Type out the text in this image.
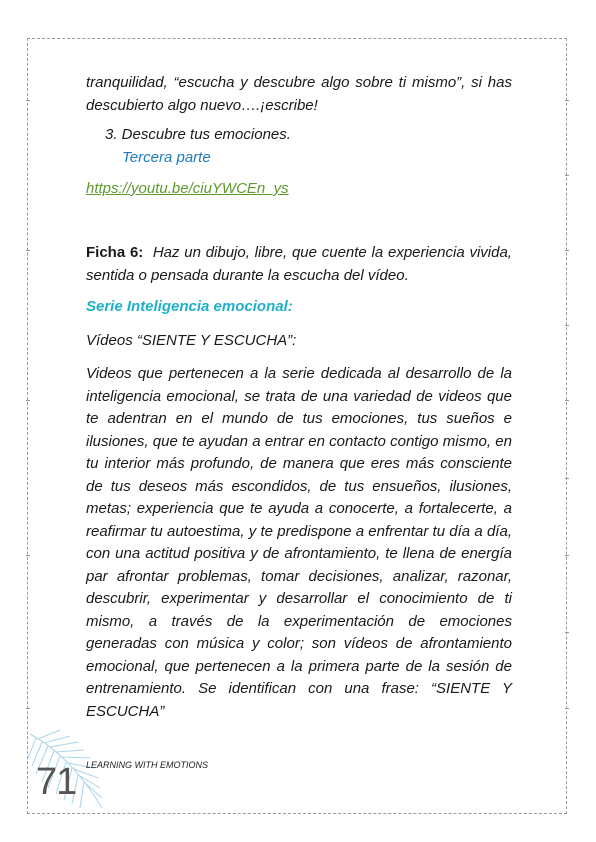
tranquilidad, “escucha y descubre algo sobre ti mismo”, si has descubierto algo nuevo….¡escribe!
3. Descubre tus emociones.
Tercera parte
https://youtu.be/ciuYWCEn_ys
Ficha 6: Haz un dibujo, libre, que cuente la experiencia vivida, sentida o pensada durante la escucha del vídeo.
Serie Inteligencia emocional:
Vídeos “SIENTE Y ESCUCHA”:
Videos que pertenecen a la serie dedicada al desarrollo de la inteligencia emocional, se trata de una variedad de videos que te adentran en el mundo de tus emociones, tus sueños e ilusiones, que te ayudan a entrar en contacto contigo mismo, en tu interior más profundo, de manera que eres más consciente de tus deseos más escondidos, de tus ensueños, ilusiones, metas; experiencia que te ayuda a conocerte, a fortalecerte, a reafirmar tu autoestima, y te predispone a enfrentar tu día a día, con una actitud positiva y de afrontamiento, te llena de energía par afrontar problemas, tomar decisiones, analizar, razonar, descubrir, experimentar y desarrollar el conocimiento de ti mismo, a través de la experimentación de emociones generadas con música y color; son vídeos de afrontamiento emocional, que pertenecen a la primera parte de la sesión de entrenamiento. Se identifican con una frase: “SIENTE Y ESCUCHA”
71 LEARNING WITH EMOTIONS
